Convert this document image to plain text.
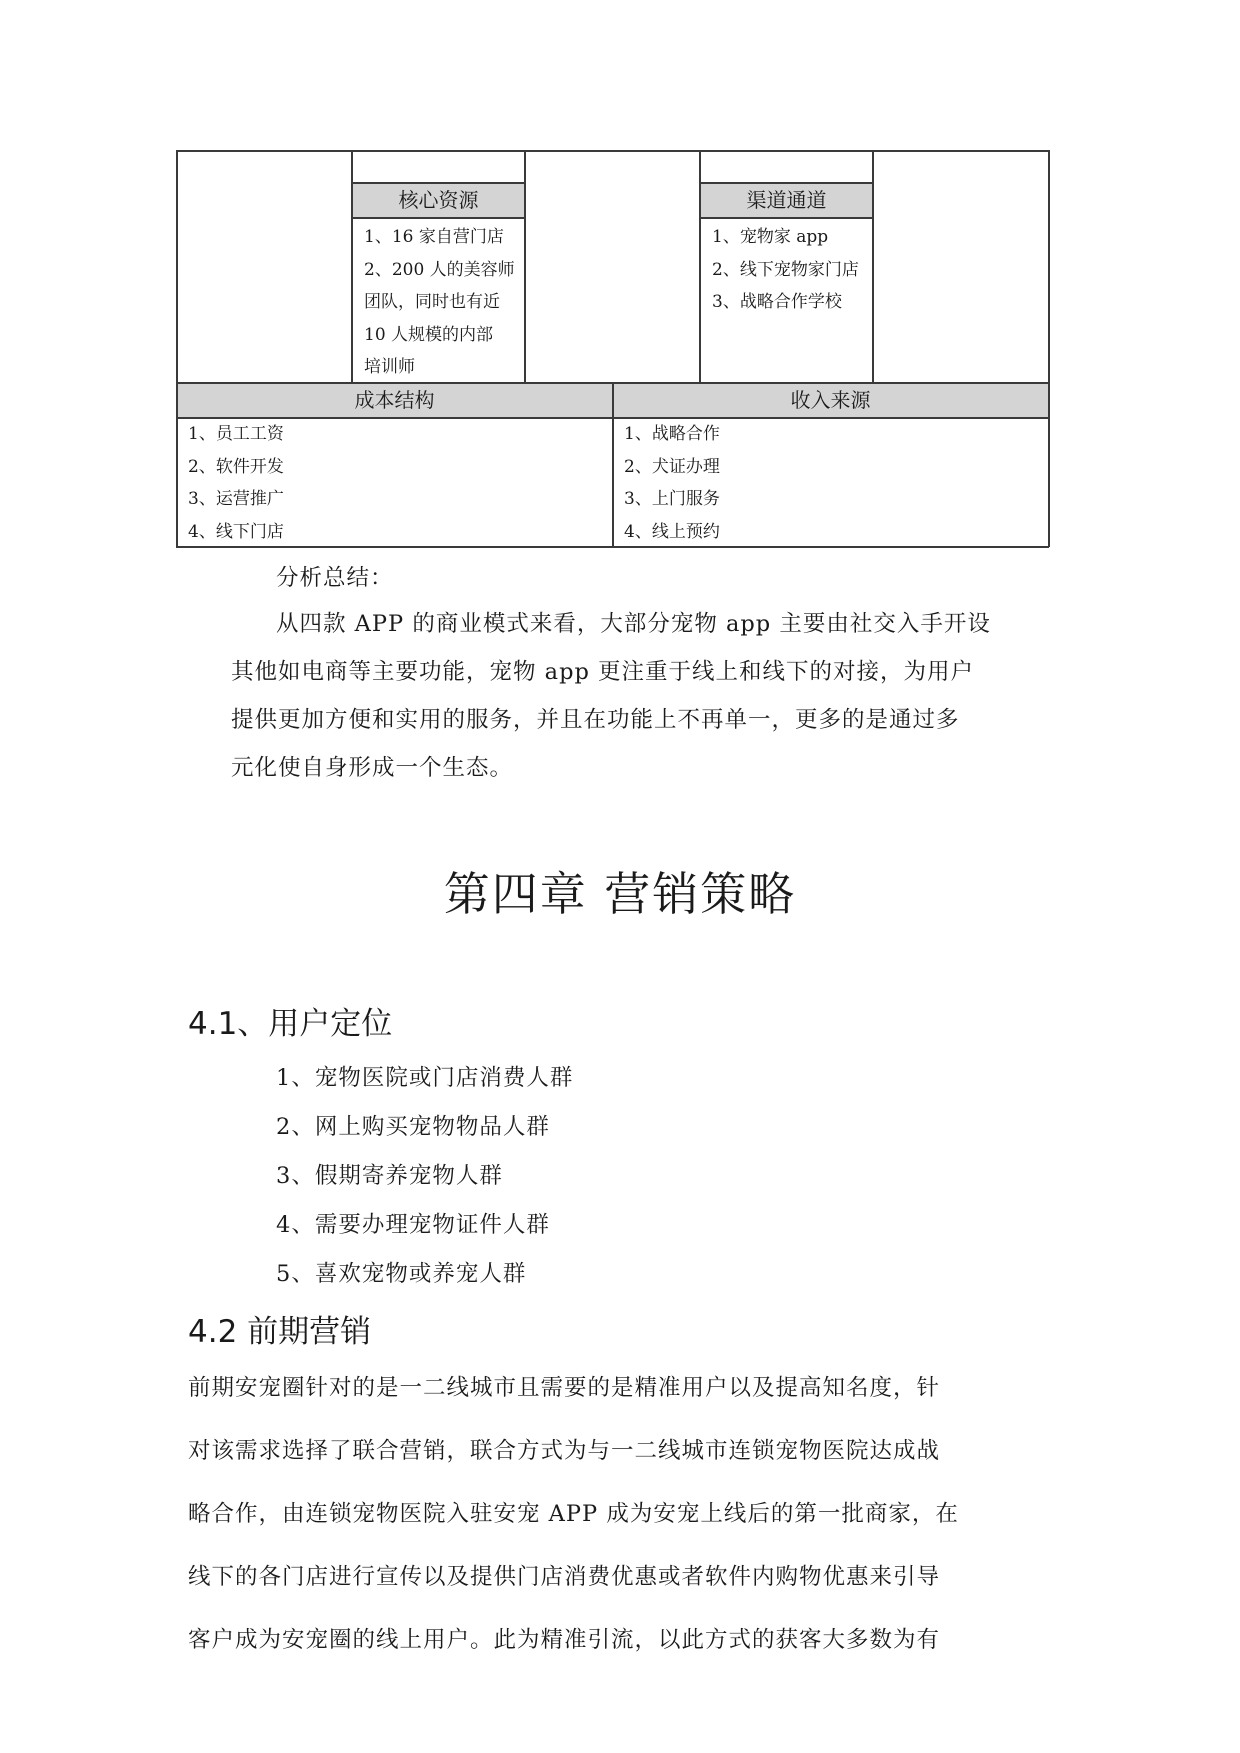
核心资源	渠道通道
成本结构	收入来源
1、16 家自营门店
2、200 人的美容师
团队，同时也有近
10 人规模的内部
培训师
1、宠物家 app
2、线下宠物家门店
3、战略合作学校
1、员工工资
2、软件开发
3、运营推广
4、线下门店
1、战略合作
2、犬证办理
3、上门服务
4、线上预约
分析总结：
从四款 APP 的商业模式来看，大部分宠物 app 主要由社交入手开设
其他如电商等主要功能，宠物 app 更注重于线上和线下的对接，为用户
提供更加方便和实用的服务，并且在功能上不再单一，更多的是通过多
元化使自身形成一个生态。
第四章 营销策略
4.1、用户定位
1、宠物医院或门店消费人群
2、网上购买宠物物品人群
3、假期寄养宠物人群
4、需要办理宠物证件人群
5、喜欢宠物或养宠人群
4.2 前期营销
前期安宠圈针对的是一二线城市且需要的是精准用户以及提高知名度，针
对该需求选择了联合营销，联合方式为与一二线城市连锁宠物医院达成战
略合作，由连锁宠物医院入驻安宠 APP 成为安宠上线后的第一批商家，在
线下的各门店进行宣传以及提供门店消费优惠或者软件内购物优惠来引导
客户成为安宠圈的线上用户。此为精准引流，以此方式的获客大多数为有
